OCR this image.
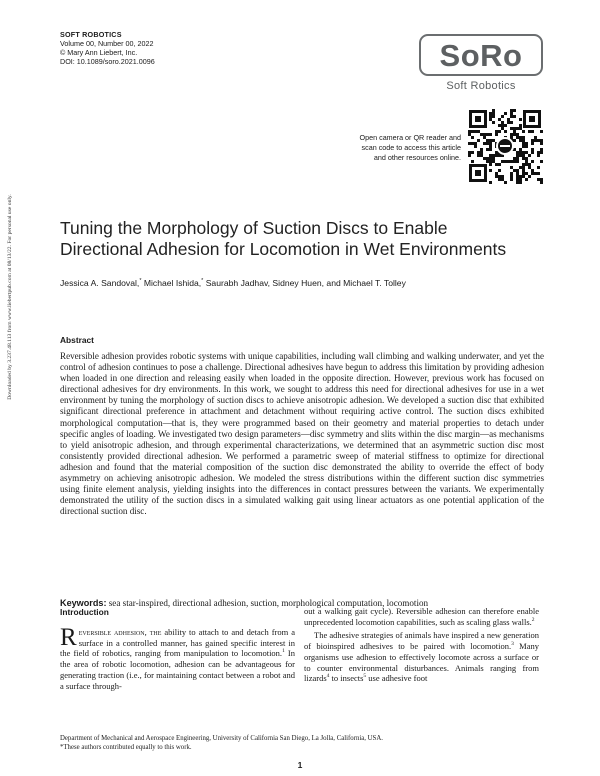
SOFT ROBOTICS
Volume 00, Number 00, 2022
© Mary Ann Liebert, Inc.
DOI: 10.1089/soro.2021.0096	SoRo
Soft Robotics
Open camera or QR reader and
scan code to access this article
and other resources online.
Downloaded by 3.237.48.113 from www.liebertpub.com at 08/13/22. For personal use only.	Tuning the Morphology of Suction Discs to Enable
Directional Adhesion for Locomotion in Wet Environments
Jessica A. Sandoval,* Michael Ishida,* Saurabh Jadhav, Sidney Huen, and Michael T. Tolley
Abstract
Reversible adhesion provides robotic systems with unique capabilities, including wall climbing and walking underwater, and yet the control of adhesion continues to pose a challenge. Directional adhesives have begun to address this limitation by providing adhesion when loaded in one direction and releasing easily when loaded in the opposite direction. However, previous work has focused on directional adhesives for dry environments. In this work, we sought to address this need for directional adhesives for use in a wet environment by tuning the morphology of suction discs to achieve anisotropic adhesion. We developed a suction disc that exhibited significant directional preference in attachment and detachment without requiring active control. The suction discs exhibited morphological computation—that is, they were programmed based on their geometry and material properties to detach under specific angles of loading. We investigated two design parameters—disc symmetry and slits within the disc margin—as mechanisms to yield anisotropic adhesion, and through experimental characterizations, we determined that an asymmetric suction disc most consistently provided directional adhesion. We performed a parametric sweep of material stiffness to optimize for directional adhesion and found that the material composition of the suction disc demonstrated the ability to override the effect of body asymmetry on achieving anisotropic adhesion. We modeled the stress distributions within the different suction disc symmetries using finite element analysis, yielding insights into the differences in contact pressures between the variants. We experimentally demonstrated the utility of the suction discs in a simulated walking gait using linear actuators as one potential application of the directional suction disc.
Keywords: sea star-inspired, directional adhesion, suction, morphological computation, locomotion
Introduction

Reversible adhesion, the ability to attach to and detach from a surface in a controlled manner, has gained specific interest in the field of robotics, ranging from manipulation to locomotion.$^1$ In the area of robotic locomotion, adhesion can be advantageous for generating traction (i.e., for maintaining contact between a robot and a surface through-

out a walking gait cycle). Reversible adhesion can therefore enable unprecedented locomotion capabilities, such as scaling glass walls.$^2$

The adhesive strategies of animals have inspired a new generation of bioinspired adhesives to be paired with locomotion.$^3$ Many organisms use adhesion to effectively locomote across a surface or to counter environmental disturbances. Animals ranging from lizards$^4$ to insects$^5$ use adhesive foot

Department of Mechanical and Aerospace Engineering, University of California San Diego, La Jolla, California, USA.
*These authors contributed equally to this work.
1
